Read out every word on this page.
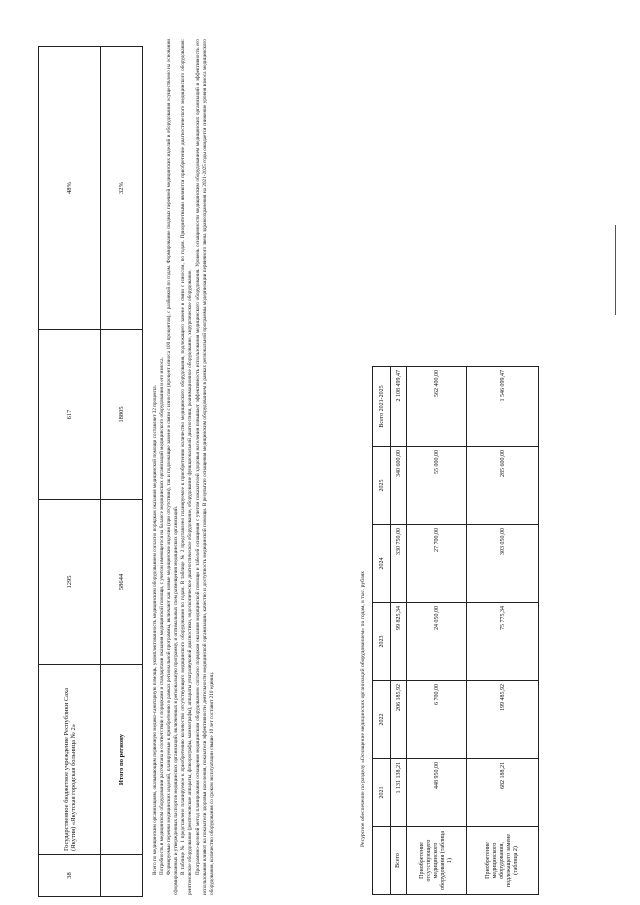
38	Государственное бюджетное учреждение Республики Саха (Якутия) «Якутская городская больница № 2»	1295	617	48%
	Итого по региону	58644	18805	32%

Всего по медицинским организациям, оказывающим первичную медико-санитарную помощь, укомплектованность медицинским оборудованием согласно порядкам оказания медицинской помощи составляет 32 процента. Потребность в медицинском оборудовании рассчитана в соответствии с порядками и стандартами оказания медицинской помощи, с учетом имеющегося на балансе медицинских организаций медицинского оборудования и его износа. Формируемые перечни медицинских изделий, планируемые к приобретению в рамках региональной программы, включают как новые медицинские изделия (при отсутствии), так и подлежащие замене в связи с износом (процент износа 100 процентов), с разбивкой по годам. Формирование сводных перечней медицинских изделий и оборудования осуществлено на основании сформированных и утвержденных паспортов медицинских организаций, включенных в региональную программу, и оптимальных схем размещения медицинских организаций. В таблице № 1 представлено планируемое к приобретению количество отсутствующего медицинского оборудования по годам. В таблице № 2 представлено планируемое к приобретению количество медицинского оборудования, подлежащего замене в связи с износом, по годам. Приоритетными являются приобретение диагностического медицинского оборудования: рентгеновское оборудование (рентгеновские аппараты, флюорографы, маммографы), аппараты ультразвуковой диагностики, эндоскопическое диагностическое оборудование, оборудование функциональной диагностики, реанимационное оборудование, хирургическое оборудование. Программно-целевой метод планирования оснащения медицинским оборудованием согласно порядкам оказания медицинской помощи и табелей оснащения с учетом показателей здоровья населения повышает эффективность использования медицинского оборудования. Уровень оснащенности медицинским оборудованием медицинских организаций и эффективность его использования влияют на показатели здоровья населения, показатели эффективности деятельности медицинской организации, качество и доступность медицинской помощи. В результате оснащения медицинским оборудованием в рамках региональной программы модернизации первичного звена здравоохранения на 2021-2025 годы ожидается снижение уровня износа медицинского оборудования, количество оборудования со сроком эксплуатации свыше 10 лет составит 210 единиц.	Ресурсное обеспечение по разделу «Оснащение медицинских организаций оборудованием» по годам, в тыс. рублях
	2021	2022	2023	2024	2025	Всего 2021-2025
Всего	1 131 138,21	206 185,92	99 825,34	330 750,00	340 600,00	2 108 499,47
Приобретение отсутствующего медицинского оборудования (таблица 1)	448 950,00	6 700,00	24 050,00	27 700,00	55 000,00	562 400,00
Приобретение медицинского оборудования, подлежащего замене (таблица 2)	682 188,21	199 485,92	75 775,34	303 050,00	285 600,00	1 546 099,47
